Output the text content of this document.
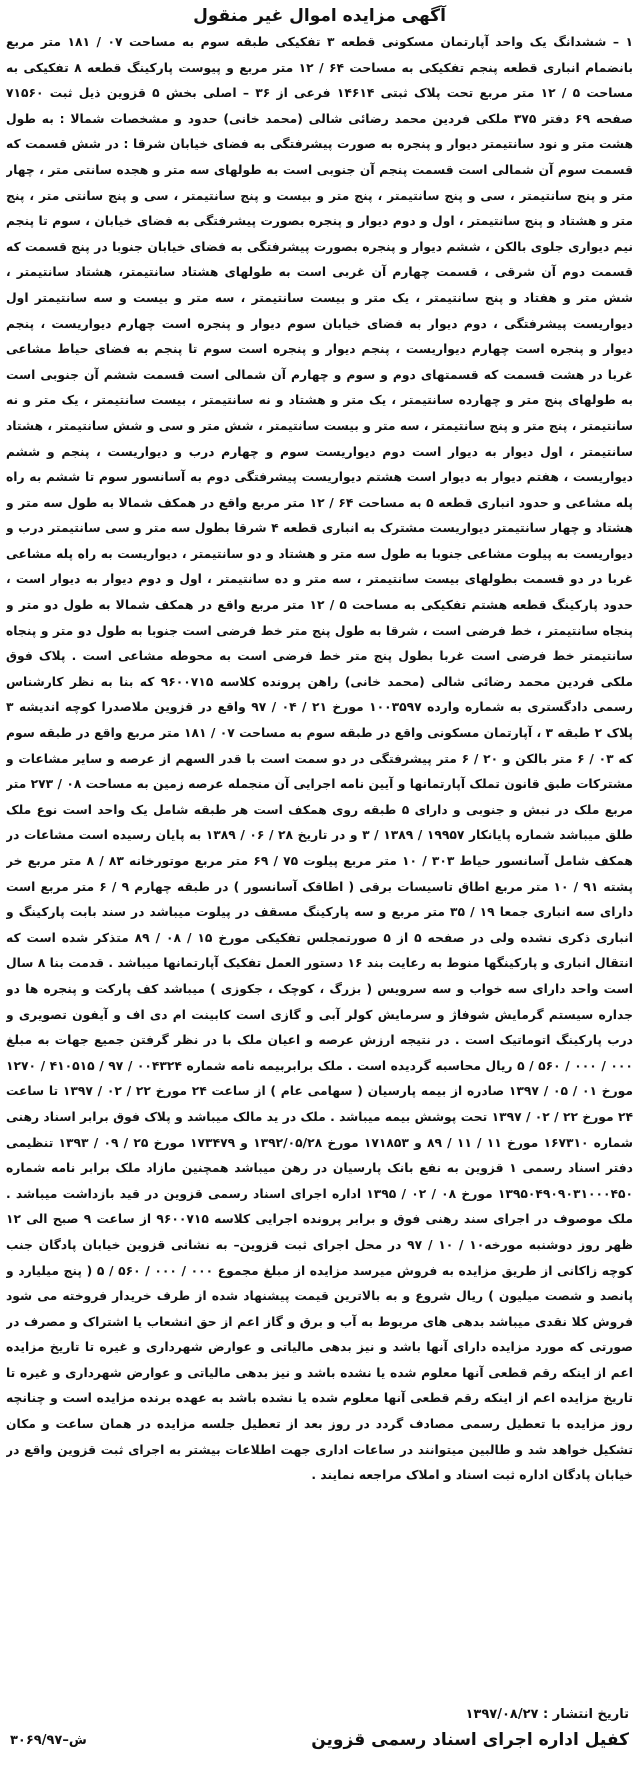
آگهی مزایده اموال غیر منقول

۱ – ششدانگ یک واحد آپارتمان مسکونی قطعه ۳ تفکیکی طبقه سوم به مساحت ۰۷ / ۱۸۱ متر مربع بانضمام انباری قطعه پنجم تفکیکی به مساحت ۶۴ / ۱۲ متر مربع و پیوست پارکینگ قطعه ۸ تفکیکی به مساحت ۵ / ۱۲ متر مربع تحت پلاک ثبتی ۱۴۶۱۴ فرعی از ۳۶ – اصلی بخش ۵ قزوین ذیل ثبت ۷۱۵۶۰ صفحه ۶۹ دفتر ۳۷۵ ملکی فردین محمد رضائی شالی (محمد خانی) حدود و مشخصات شمالا : به طول هشت متر و نود سانتیمتر دیوار و پنجره به صورت پیشرفتگی به فضای خیابان شرقا : در شش قسمت که قسمت سوم آن شمالی است قسمت پنجم آن جنوبی است به طولهای سه متر و هجده سانتی متر ، چهار متر و پنج سانتیمتر ، سی و پنج سانتیمتر ، پنج متر و بیست و پنج سانتیمتر ، سی و پنج سانتی متر ، پنج متر و هشتاد و پنج سانتیمتر ، اول و دوم دیوار و پنجره بصورت پیشرفتگی به فضای خیابان ، سوم تا پنجم نیم دیواری جلوی بالکن ، ششم دیوار و پنجره بصورت پیشرفتگی به فضای خیابان جنوبا در پنج قسمت که قسمت دوم آن شرقی ، قسمت چهارم آن غربی است به طولهای هشتاد سانتیمتر، هشتاد سانتیمتر ، شش متر و هفتاد و پنج سانتیمتر ، یک متر و بیست سانتیمتر ، سه متر و بیست و سه سانتیمتر اول دیواریست پیشرفتگی ، دوم دیوار به فضای خیابان سوم دیوار و پنجره است چهارم دیواریست ، پنجم دیوار و پنجره است چهارم دیواریست ، پنجم دیوار و پنجره است سوم تا پنجم به فضای حیاط مشاعی غربا در هشت قسمت که قسمتهای دوم و سوم و چهارم آن شمالی است قسمت ششم آن جنوبی است به طولهای پنج متر و چهارده سانتیمتر ، یک متر و هشتاد و نه سانتیمتر ، بیست سانتیمتر ، یک متر و نه سانتیمتر ، پنج متر و پنج سانتیمتر ، سه متر و بیست سانتیمتر ، شش متر و سی و شش سانتیمتر ، هشتاد سانتیمتر ، اول دیوار به دیوار است دوم دیواریست سوم و چهارم درب و دیواریست ، پنجم و ششم دیواریست ، هفتم دیوار به دیوار است هشتم دیواریست پیشرفتگی دوم به آسانسور سوم تا ششم به راه پله مشاعی و حدود انباری قطعه ۵ به مساحت ۶۴ / ۱۲ متر مربع واقع در همکف شمالا به طول سه متر و هشتاد و چهار سانتیمتر دیواریست مشترک به انباری قطعه ۴ شرقا بطول سه متر و سی سانتیمتر درب و دیواریست به پیلوت مشاعی جنوبا به طول سه متر و هشتاد و دو سانتیمتر ، دیواریست به راه پله مشاعی غربا در دو قسمت بطولهای بیست سانتیمتر ، سه متر و ده سانتیمتر ، اول و دوم دیوار به دیوار است ، حدود پارکینگ قطعه هشتم تفکیکی به مساحت ۵ / ۱۲ متر مربع واقع در همکف شمالا به طول دو متر و پنجاه سانتیمتر ، خط فرضی است ، شرقا به طول پنج متر خط فرضی است جنوبا به طول دو متر و پنجاه سانتیمتر خط فرضی است غربا بطول پنج متر خط فرضی است به محوطه مشاعی است . پلاک فوق ملکی فردین محمد رضائی شالی (محمد خانی) راهن پرونده کلاسه ۹۶۰۰۷۱۵ که بنا به نظر کارشناس رسمی دادگستری به شماره وارده ۱۰۰۳۵۹۷ مورخ ۲۱ / ۰۴ / ۹۷ واقع در قزوین ملاصدرا کوچه اندیشه ۳ پلاک ۲ طبقه ۳ ، آپارتمان مسکونی واقع در طبقه سوم به مساحت ۰۷ / ۱۸۱ متر مربع واقع در طبقه سوم که ۰۳ / ۶ متر بالکن و ۲۰ / ۶ متر پیشرفتگی در دو سمت است با قدر السهم از عرصه و سایر مشاعات و مشترکات طبق قانون تملک آپارتمانها و آیین نامه اجرایی آن منجمله عرصه زمین به مساحت ۰۸ / ۲۷۳ متر مربع ملک در نبش و جنوبی و دارای ۵ طبقه روی همکف است هر طبقه شامل یک واحد است نوع ملک طلق میباشد شماره پایانکار ۱۹۹۵۷ / ۱۳۸۹ / ۳ و در تاریخ ۲۸ / ۰۶ / ۱۳۸۹ به پایان رسیده است مشاعات در همکف شامل آسانسور حیاط ۳۰۳ / ۱۰ متر مربع پیلوت ۷۵ / ۶۹ متر مربع موتورخانه ۸۳ / ۸ متر مربع خر پشته ۹۱ / ۱۰ متر مربع اطاق تاسیسات برقی ( اطاقک آسانسور ) در طبقه چهارم ۹ / ۶ متر مربع است دارای سه انباری جمعا ۱۹ / ۳۵ متر مربع و سه پارکینگ مسقف در پیلوت میباشد در سند بابت پارکینگ و انباری ذکری نشده ولی در صفحه ۵ از ۵ صورتمجلس تفکیکی مورخ ۱۵ / ۰۸ / ۸۹ متذکر شده است که انتقال انباری و پارکینگها منوط به رعایت بند ۱۶ دستور العمل تفکیک آپارتمانها میباشد . قدمت بنا ۸ سال است واحد دارای سه خواب و سه سرویس ( بزرگ ، کوچک ، جکوزی ) میباشد کف پارکت و پنجره ها دو جداره سیستم گرمایش شوفاژ و سرمایش کولر آبی و گازی است کابینت ام دی اف و آیفون تصویری و درب پارکینگ اتوماتیک است . در نتیجه ارزش عرصه و اعیان ملک با در نظر گرفتن جمیع جهات به مبلغ ۰۰۰ / ۰۰۰ / ۵۶۰ / ۵ ریال محاسبه گردیده است . ملک برابربیمه نامه شماره ۰۰۴۳۲۴ / ۹۷ / ۴۱۰۵۱۵ / ۱۲۷۰ مورخ ۰۱ / ۰۵ / ۱۳۹۷ صادره از بیمه پارسیان ( سهامی عام ) از ساعت ۲۴ مورخ ۲۲ / ۰۲ / ۱۳۹۷ تا ساعت ۲۴ مورخ ۲۲ / ۰۲ / ۱۳۹۷ تحت پوشش بیمه میباشد . ملک در ید مالک میباشد و پلاک فوق برابر اسناد رهنی شماره ۱۶۷۳۱۰ مورخ ۱۱ / ۱۱ / ۸۹ و ۱۷۱۸۵۳ مورخ ۱۳۹۲/۰۵/۲۸ و ۱۷۳۴۷۹ مورخ ۲۵ / ۰۹ / ۱۳۹۳ تنظیمی دفتر اسناد رسمی ۱ قزوین به نفع بانک پارسیان در رهن میباشد همچنین مازاد ملک برابر نامه شماره ۱۳۹۵۰۴۹۰۹۰۳۱۰۰۰۴۵۰ مورخ ۰۸ / ۰۲ / ۱۳۹۵ اداره اجرای اسناد رسمی قزوین در قید بازداشت میباشد . ملک موصوف در اجرای سند رهنی فوق و برابر پرونده اجرایی کلاسه ۹۶۰۰۷۱۵ از ساعت ۹ صبح الی ۱۲ ظهر روز دوشنبه مورخه۱۰ / ۱۰ / ۹۷ در محل اجرای ثبت قزوین– به نشانی قزوین خیابان پادگان جنب کوچه زاکانی از طریق مزایده به فروش میرسد مزایده از مبلغ مجموع ۰۰۰ / ۰۰۰ / ۵۶۰ / ۵ ( پنج میلیارد و پانصد و شصت میلیون ) ریال شروع و به بالاترین قیمت پیشنهاد شده از طرف خریدار فروخته می شود فروش کلا نقدی میباشد بدهی های مربوط به آب و برق و گاز اعم از حق انشعاب یا اشتراک و مصرف در صورتی که مورد مزایده دارای آنها باشد و نیز بدهی مالیاتی و عوارض شهرداری و غیره تا تاریخ مزایده اعم از اینکه رقم قطعی آنها معلوم شده یا نشده باشد و نیز بدهی مالیاتی و عوارض شهرداری و غیره تا تاریخ مزایده اعم از اینکه رقم قطعی آنها معلوم شده یا نشده باشد به عهده برنده مزایده است و چنانچه روز مزایده با تعطیل رسمی مصادف گردد در روز بعد از تعطیل جلسه مزایده در همان ساعت و مکان تشکیل خواهد شد و طالبین میتوانند در ساعات اداری جهت اطلاعات بیشتر به اجرای ثبت قزوین واقع در خیابان پادگان اداره ثبت اسناد و املاک مراجعه نمایند .

تاریخ انتشار : ۱۳۹۷/۰۸/۲۷
کفیل اداره اجرای اسناد رسمی قزوین
۳۰۶۹/۹۷–ش
